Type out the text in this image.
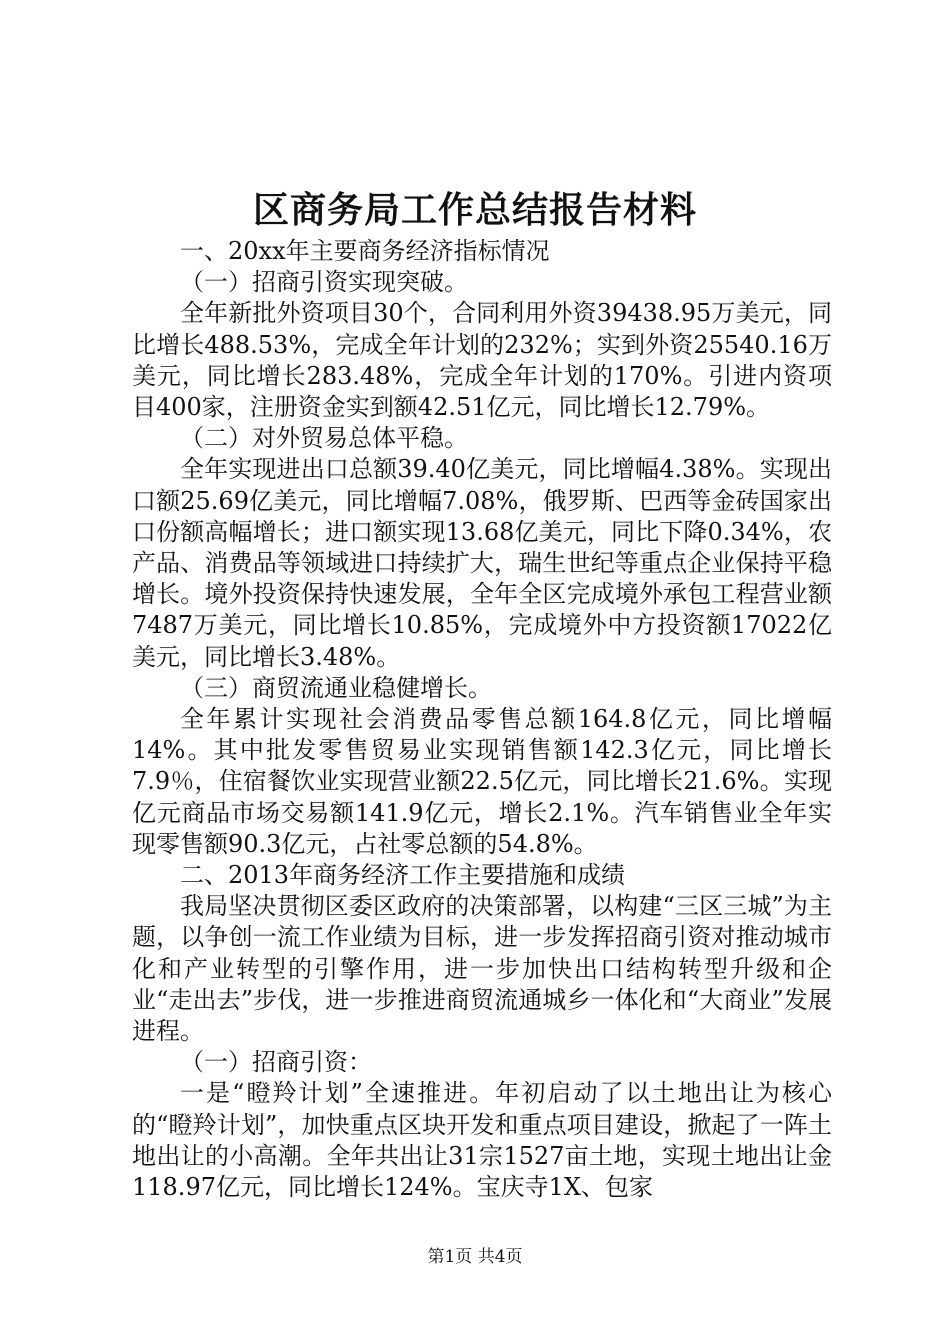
区商务局工作总结报告材料

一、20xx年主要商务经济指标情况

（一）招商引资实现突破。

全年新批外资项目30个，合同利用外资39438.95万美元，同比增长488.53%，完成全年计划的232%；实到外资25540.16万美元，同比增长283.48%，完成全年计划的170%。引进内资项目400家，注册资金实到额42.51亿元，同比增长12.79%。

（二）对外贸易总体平稳。

全年实现进出口总额39.40亿美元，同比增幅4.38%。实现出口额25.69亿美元，同比增幅7.08%，俄罗斯、巴西等金砖国家出口份额高幅增长；进口额实现13.68亿美元，同比下降0.34%，农产品、消费品等领域进口持续扩大，瑞生世纪等重点企业保持平稳增长。境外投资保持快速发展，全年全区完成境外承包工程营业额7487万美元，同比增长10.85%，完成境外中方投资额17022亿美元，同比增长3.48%。

（三）商贸流通业稳健增长。

全年累计实现社会消费品零售总额164.8亿元，同比增幅14%。其中批发零售贸易业实现销售额142.3亿元，同比增长7.9％，住宿餐饮业实现营业额22.5亿元，同比增长21.6%。实现亿元商品市场交易额141.9亿元，增长2.1%。汽车销售业全年实现零售额90.3亿元，占社零总额的54.8%。

二、2013年商务经济工作主要措施和成绩

我局坚决贯彻区委区政府的决策部署，以构建“三区三城”为主题，以争创一流工作业绩为目标，进一步发挥招商引资对推动城市化和产业转型的引擎作用，进一步加快出口结构转型升级和企业“走出去”步伐，进一步推进商贸流通城乡一体化和“大商业”发展进程。

（一）招商引资：

一是“瞪羚计划”全速推进。年初启动了以土地出让为核心的“瞪羚计划”，加快重点区块开发和重点项目建设，掀起了一阵土地出让的小高潮。全年共出让31宗1527亩土地，实现土地出让金118.97亿元，同比增长124%。宝庆寺1X、包家

第1页 共4页
